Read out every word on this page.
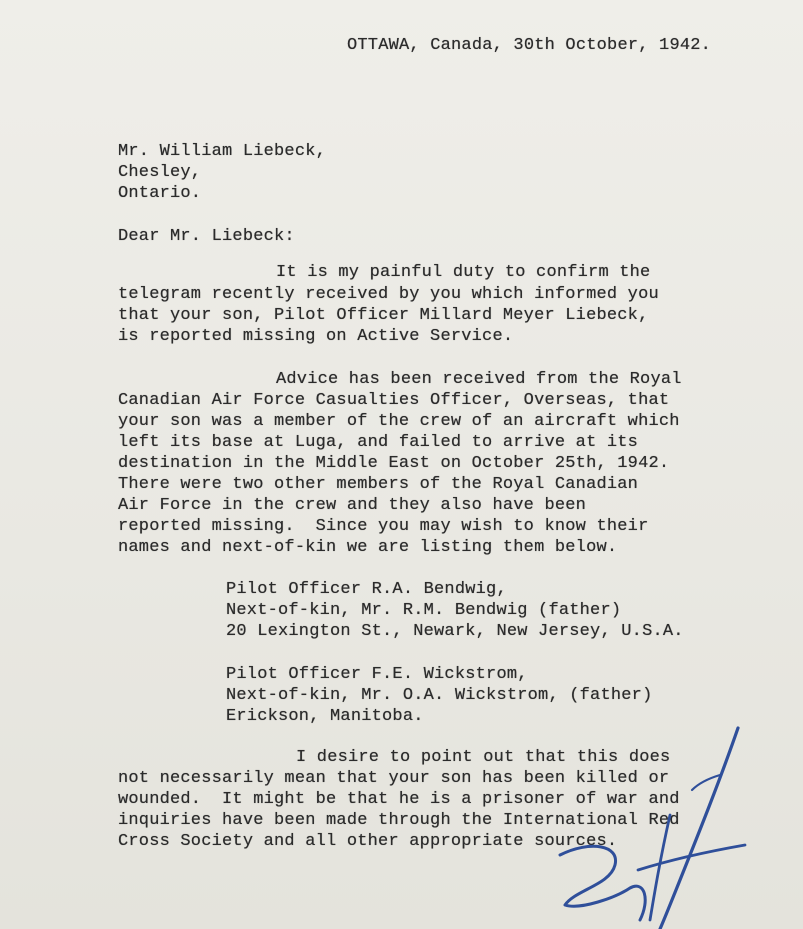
OTTAWA, Canada, 30th October, 1942.
Mr. William Liebeck,
Chesley,
Ontario.
Dear Mr. Liebeck:
It is my painful duty to confirm the
telegram recently received by you which informed you
that your son, Pilot Officer Millard Meyer Liebeck,
is reported missing on Active Service.
Advice has been received from the Royal
Canadian Air Force Casualties Officer, Overseas, that
your son was a member of the crew of an aircraft which
left its base at Luga, and failed to arrive at its
destination in the Middle East on October 25th, 1942.
There were two other members of the Royal Canadian
Air Force in the crew and they also have been
reported missing.  Since you may wish to know their
names and next-of-kin we are listing them below.
Pilot Officer R.A. Bendwig,
Next-of-kin, Mr. R.M. Bendwig (father)
20 Lexington St., Newark, New Jersey, U.S.A.
Pilot Officer F.E. Wickstrom,
Next-of-kin, Mr. O.A. Wickstrom, (father)
Erickson, Manitoba.
I desire to point out that this does
not necessarily mean that your son has been killed or
wounded.  It might be that he is a prisoner of war and
inquiries have been made through the International Red
Cross Society and all other appropriate sources.
